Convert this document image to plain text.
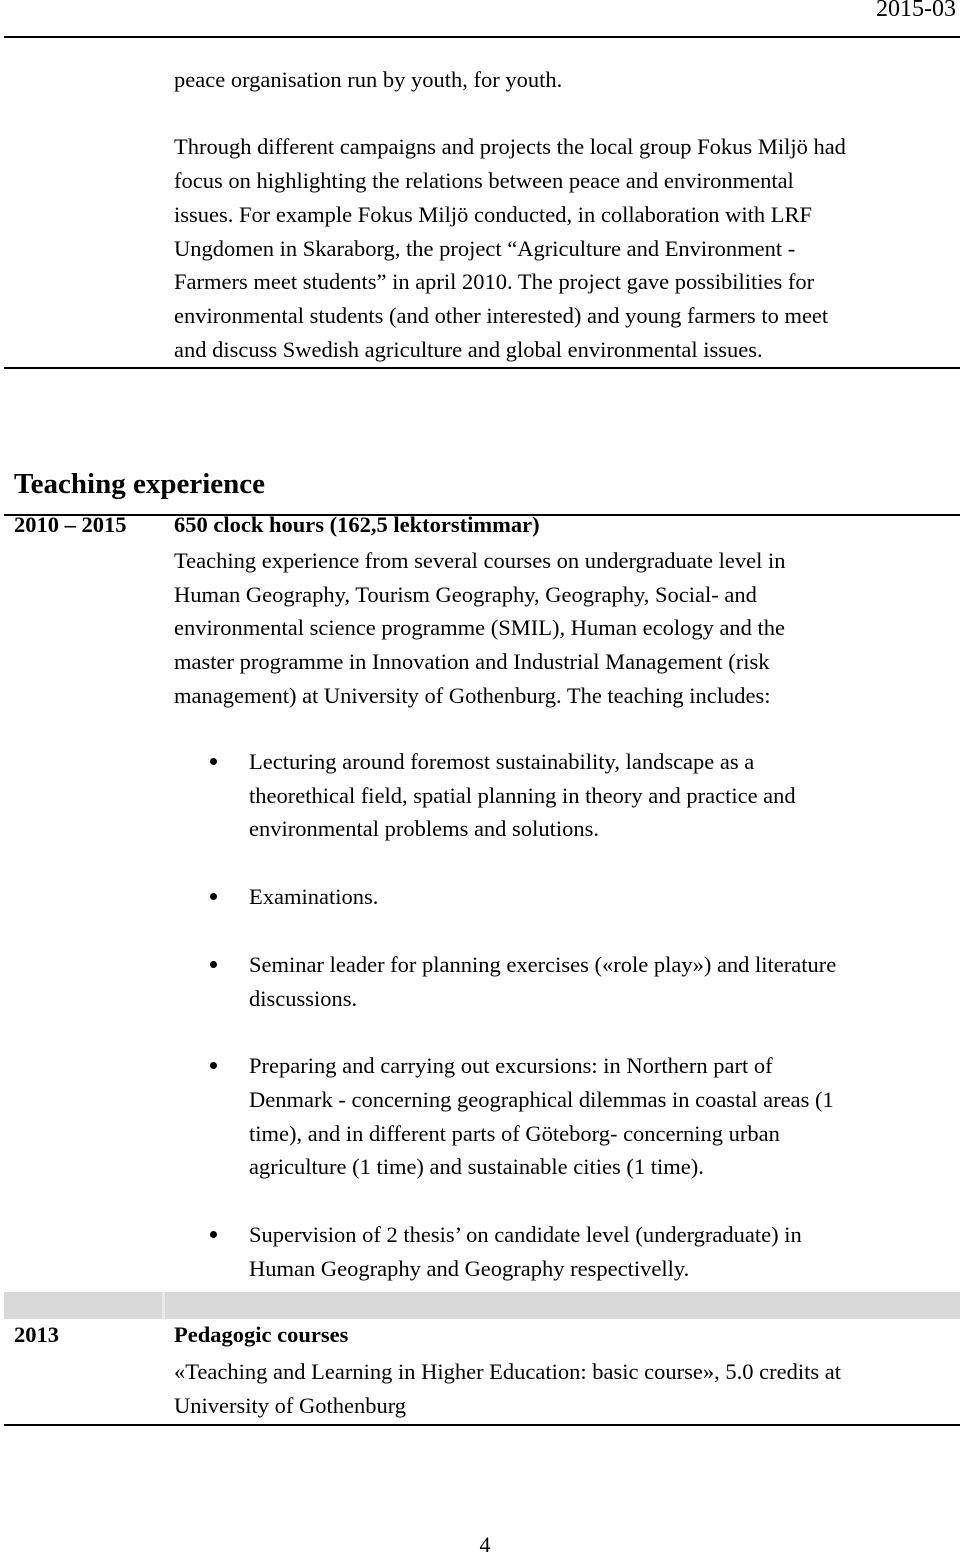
2015-03

peace organisation run by youth, for youth.

Through different campaigns and projects the local group Fokus Miljö had
focus on highlighting the relations between peace and environmental
issues. For example Fokus Miljö conducted, in collaboration with LRF
Ungdomen in Skaraborg, the project “Agriculture and Environment -
Farmers meet students” in april 2010. The project gave possibilities for
environmental students (and other interested) and young farmers to meet
and discuss Swedish agriculture and global environmental issues.

Teaching experience
2010 – 2015 650 clock hours (162,5 lektorstimmar)

Teaching experience from several courses on undergraduate level in
Human Geography, Tourism Geography, Geography, Social- and
environmental science programme (SMIL), Human ecology and the
master programme in Innovation and Industrial Management (risk
management) at University of Gothenburg. The teaching includes:

Lecturing around foremost sustainability, landscape as a
theorethical field, spatial planning in theory and practice and
environmental problems and solutions.
Examinations.
Seminar leader for planning exercises («role play») and literature
discussions.
Preparing and carrying out excursions: in Northern part of
Denmark - concerning geographical dilemmas in coastal areas (1
time), and in different parts of Göteborg- concerning urban
agriculture (1 time) and sustainable cities (1 time).
Supervision of 2 thesis’ on candidate level (undergraduate) in
Human Geography and Geography respectivelly.
2013	Pedagogic courses

«Teaching and Learning in Higher Education: basic course», 5.0 credits at
University of Gothenburg

4
